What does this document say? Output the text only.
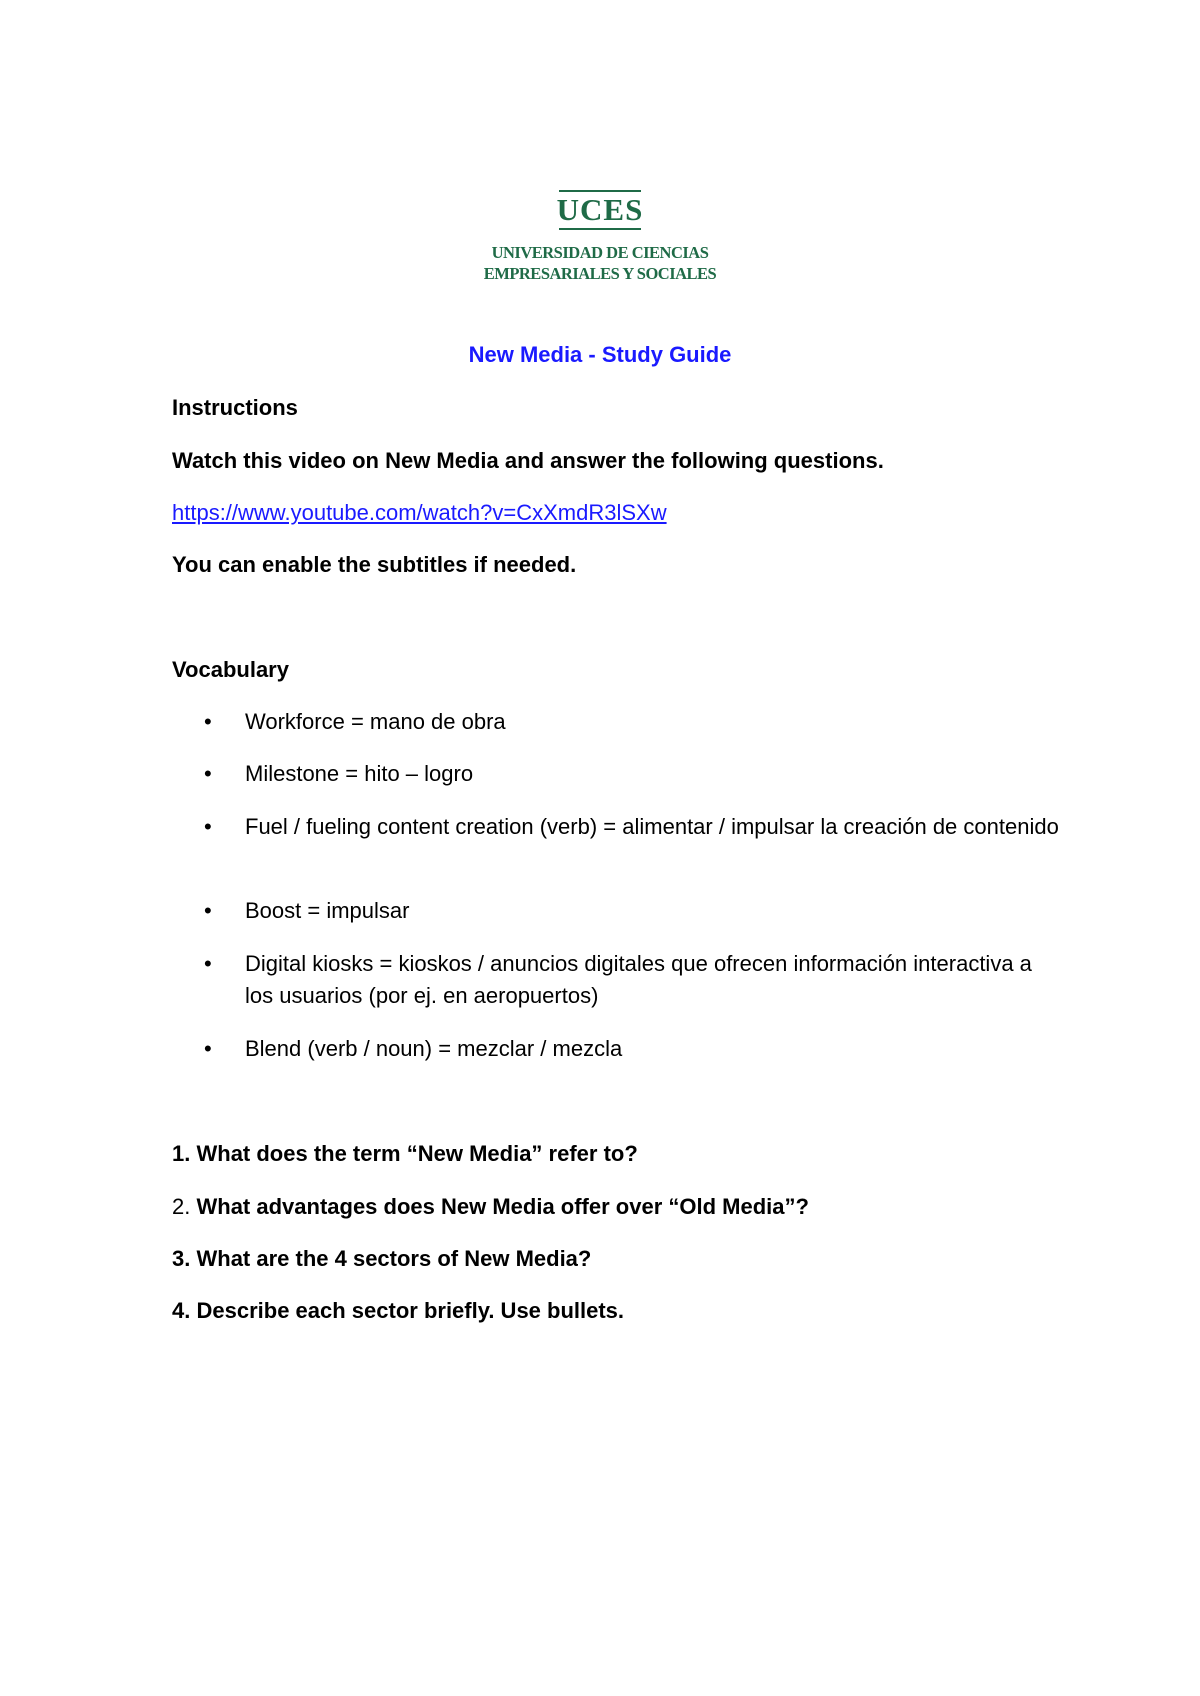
UCES
UNIVERSIDAD DE CIENCIAS
EMPRESARIALES Y SOCIALES
New Media - Study Guide
Instructions
Watch this video on New Media and answer the following questions.
https://www.youtube.com/watch?v=CxXmdR3lSXw
You can enable the subtitles if needed.
Vocabulary
• Workforce = mano de obra
• Milestone = hito – logro
• Fuel / fueling content creation (verb) = alimentar / impulsar la creación de contenido
• Boost = impulsar
• Digital kiosks = kioskos / anuncios digitales que ofrecen información interactiva a los usuarios (por ej. en aeropuertos)
• Blend (verb / noun) = mezclar / mezcla
1. What does the term “New Media” refer to?
2. What advantages does New Media offer over “Old Media”?
3. What are the 4 sectors of New Media?
4. Describe each sector briefly. Use bullets.
